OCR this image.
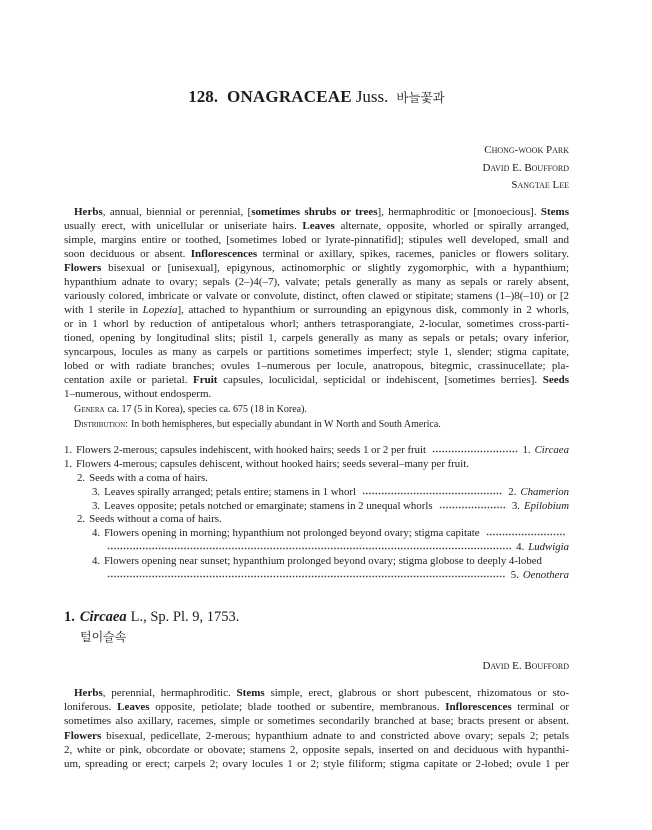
128. ONAGRACEAE Juss. 바늘꽃과
Chong-wook Park
David E. Boufford
Sangtae Lee
Herbs, annual, biennial or perennial, [sometimes shrubs or trees], hermaphroditic or [monoecious]. Stems
usually erect, with unicellular or uniseriate hairs. Leaves alternate, opposite, whorled or spirally arranged,
simple, margins entire or toothed, [sometimes lobed or lyrate-pinnatifid]; stipules well developed, small and
soon deciduous or absent. Inflorescences terminal or axillary, spikes, racemes, panicles or flowers solitary.
Flowers bisexual or [unisexual], epigynous, actinomorphic or slightly zygomorphic, with a hypanthium;
hypanthium adnate to ovary; sepals (2–)4(–7), valvate; petals generally as many as sepals or rarely absent,
variously colored, imbricate or valvate or convolute, distinct, often clawed or stipitate; stamens (1–)8(–10) or [2
with 1 sterile in Lopezia], attached to hypanthium or surrounding an epigynous disk, commonly in 2 whorls,
or in 1 whorl by reduction of antipetalous whorl; anthers tetrasporangiate, 2-locular, sometimes cross-parti-
tioned, opening by longitudinal slits; pistil 1, carpels generally as many as sepals or petals; ovary inferior,
syncarpous, locules as many as carpels or partitions sometimes imperfect; style 1, slender; stigma capitate,
lobed or with radiate branches; ovules 1–numerous per locule, anatropous, bitegmic, crassinucellate; pla-
centation axile or parietal. Fruit capsules, loculicidal, septicidal or indehiscent, [sometimes berries]. Seeds
1–numerous, without endosperm.
Genera ca. 17 (5 in Korea), species ca. 675 (18 in Korea).
Distribution: In both hemispheres, but especially abundant in W North and South America.
1. Flowers 2-merous; capsules indehiscent, with hooked hairs; seeds 1 or 2 per fruit	1. Circaea
1. Flowers 4-merous; capsules dehiscent, without hooked hairs; seeds several–many per fruit.
2. Seeds with a coma of hairs.
3. Leaves spirally arranged; petals entire; stamens in 1 whorl	2. Chamerion
3. Leaves opposite; petals notched or emarginate; stamens in 2 unequal whorls	3. Epilobium
2. Seeds without a coma of hairs.
4. Flowers opening in morning; hypanthium not prolonged beyond ovary; stigma capitate
4. Ludwigia
4. Flowers opening near sunset; hypanthium prolonged beyond ovary; stigma globose to deeply 4-lobed
5. Oenothera
1. Circaea L., Sp. Pl. 9, 1753.
털이슬속
David E. Boufford
Herbs, perennial, hermaphroditic. Stems simple, erect, glabrous or short pubescent, rhizomatous or sto-
loniferous. Leaves opposite, petiolate; blade toothed or subentire, membranous. Inflorescences terminal or
sometimes also axillary, racemes, simple or sometimes secondarily branched at base; bracts present or absent.
Flowers bisexual, pedicellate, 2-merous; hypanthium adnate to and constricted above ovary; sepals 2; petals
2, white or pink, obcordate or obovate; stamens 2, opposite sepals, inserted on and deciduous with hypanthi-
um, spreading or erect; carpels 2; ovary locules 1 or 2; style filiform; stigma capitate or 2-lobed; ovule 1 per
